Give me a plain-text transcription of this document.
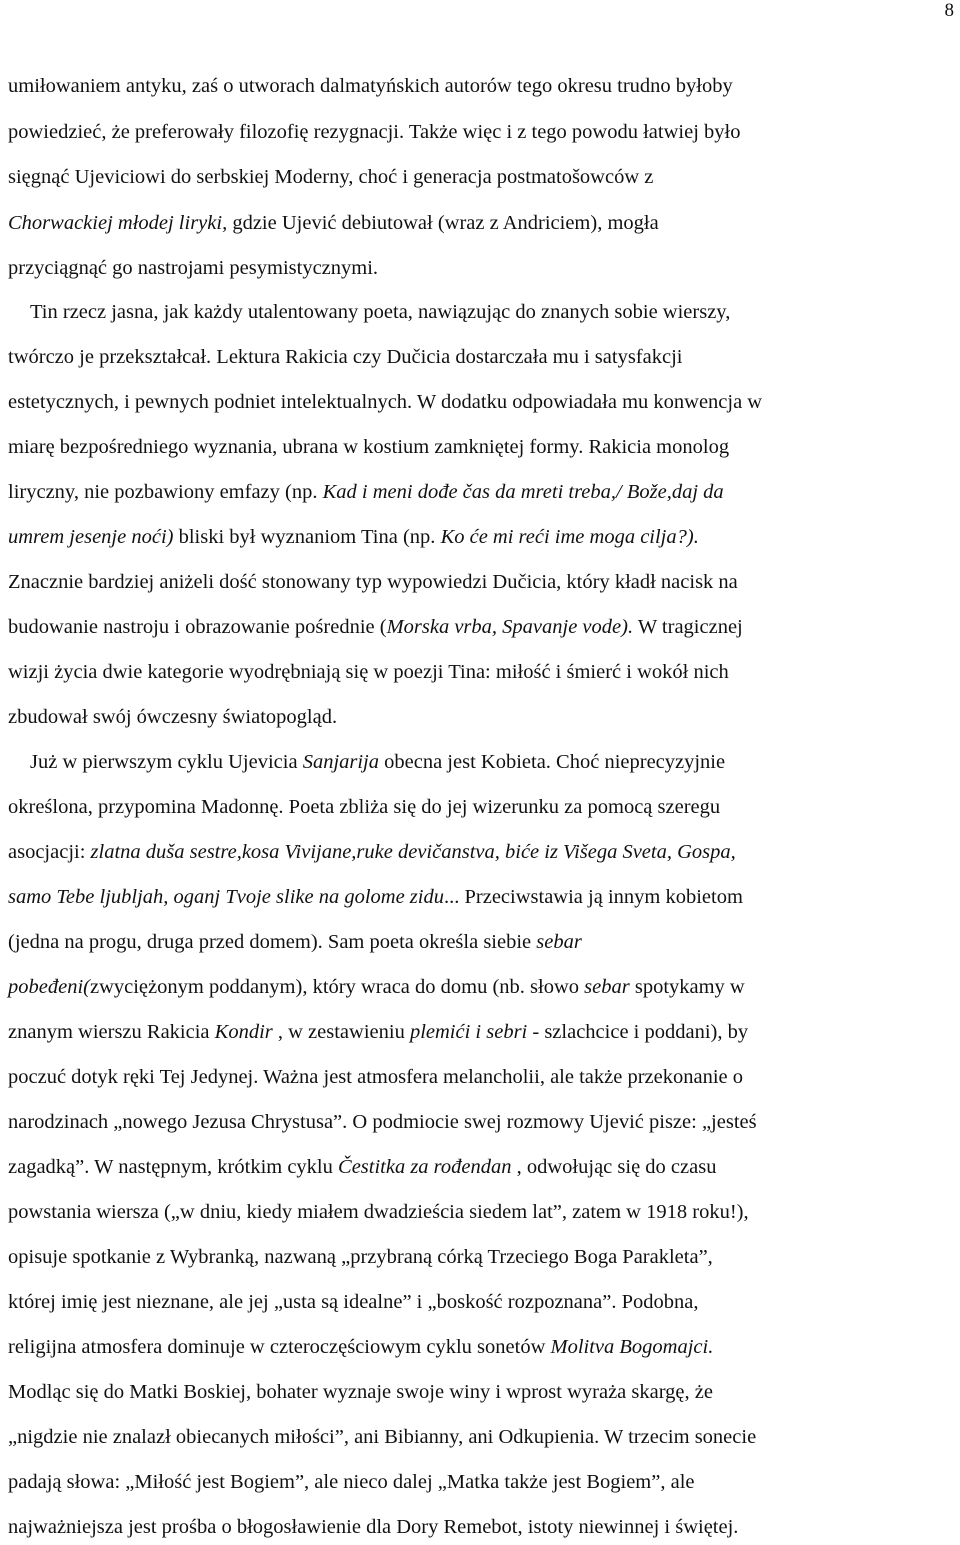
8
umiłowaniem antyku, zaś o utworach dalmatyńskich autorów tego okresu trudno byłoby
powiedzieć, że preferowały filozofię rezygnacji. Także więc i z tego powodu łatwiej było
sięgnąć Ujeviciowi do serbskiej Moderny, choć i generacja postmatošowców z
Chorwackiej młodej liryki, gdzie Ujević debiutował (wraz z Andriciem), mogła
przyciągnąć go nastrojami pesymistycznymi.
Tin rzecz jasna, jak każdy utalentowany poeta, nawiązując do znanych sobie wierszy,
twórczo je przekształcał. Lektura Rakicia czy Dučicia dostarczała mu i satysfakcji
estetycznych, i pewnych podniet intelektualnych. W dodatku odpowiadała mu konwencja w
miarę bezpośredniego wyznania, ubrana w kostium zamkniętej formy. Rakicia monolog
liryczny, nie pozbawiony emfazy (np. Kad i meni dođe čas da mreti treba,/ Bože,daj da
umrem jesenje noći) bliski był wyznaniom Tina (np. Ko će mi reći ime moga cilja?).
Znacznie bardziej aniżeli dość stonowany typ wypowiedzi Dučicia, który kładł nacisk na
budowanie nastroju i obrazowanie pośrednie (Morska vrba, Spavanje vode). W tragicznej
wizji życia dwie kategorie wyodrębniają się w poezji Tina: miłość i śmierć i wokół nich
zbudował swój ówczesny światopogląd.
Już w pierwszym cyklu Ujevicia Sanjarija obecna jest Kobieta. Choć nieprecyzyjnie
określona, przypomina Madonnę. Poeta zbliża się do jej wizerunku za pomocą szeregu
asocjacji: zlatna duša sestre,kosa Vivijane,ruke devičanstva, biće iz Višega Sveta, Gospa,
samo Tebe ljubljah, oganj Tvoje slike na golome zidu... Przeciwstawia ją innym kobietom
(jedna na progu, druga przed domem). Sam poeta określa siebie sebar
pobeđeni(zwyciężonym poddanym), który wraca do domu (nb. słowo sebar spotykamy w
znanym wierszu Rakicia Kondir , w zestawieniu plemići i sebri - szlachcice i poddani), by
poczuć dotyk ręki Tej Jedynej. Ważna jest atmosfera melancholii, ale także przekonanie o
narodzinach „nowego Jezusa Chrystusa”. O podmiocie swej rozmowy Ujević pisze: „jesteś
zagadką”. W następnym, krótkim cyklu Čestitka za rođendan , odwołując się do czasu
powstania wiersza („w dniu, kiedy miałem dwadzieścia siedem lat”, zatem w 1918 roku!),
opisuje spotkanie z Wybranką, nazwaną „przybraną córką Trzeciego Boga Parakleta”,
której imię jest nieznane, ale jej „usta są idealne” i „boskość rozpoznana”. Podobna,
religijna atmosfera dominuje w czteroczęściowym cyklu sonetów Molitva Bogomajci.
Modląc się do Matki Boskiej, bohater wyznaje swoje winy i wprost wyraża skargę, że
„nigdzie nie znalazł obiecanych miłości”, ani Bibianny, ani Odkupienia. W trzecim sonecie
padają słowa: „Miłość jest Bogiem”, ale nieco dalej „Matka także jest Bogiem”, ale
najważniejsza jest prośba o błogosławienie dla Dory Remebot, istoty niewinnej i świętej.
